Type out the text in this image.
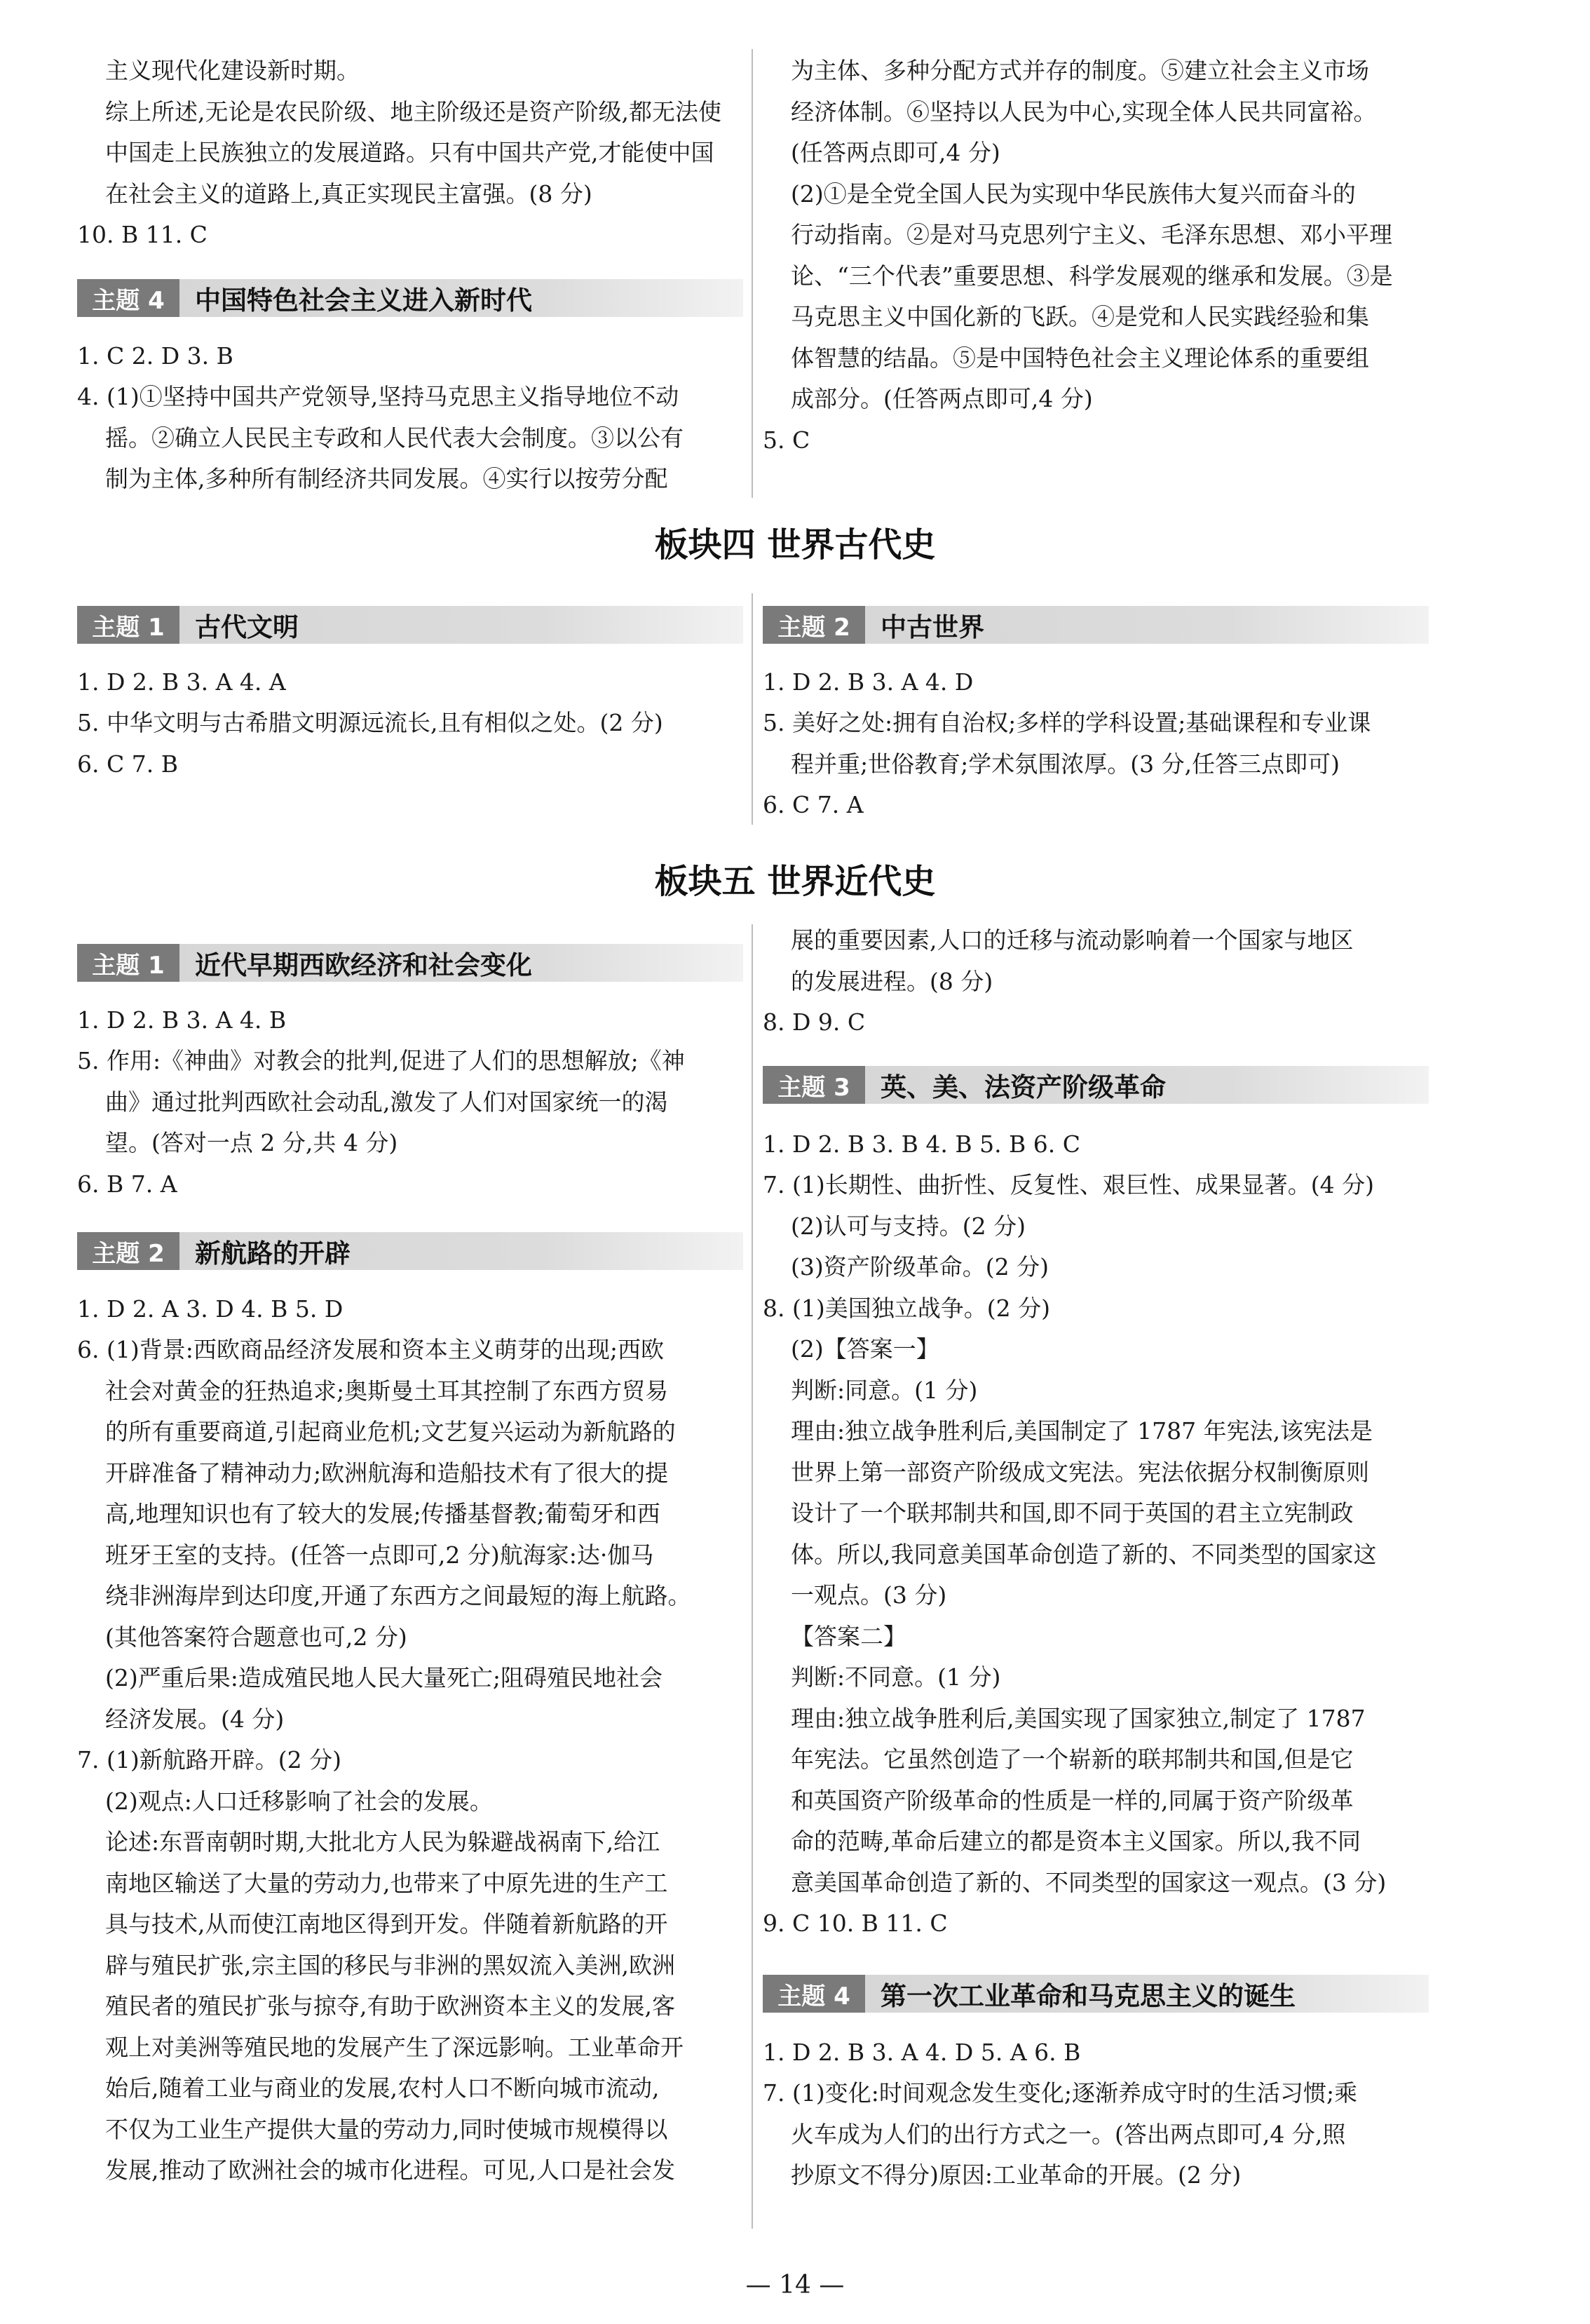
主义现代化建设新时期。
综上所述,无论是农民阶级、地主阶级还是资产阶级,都无法使
中国走上民族独立的发展道路。只有中国共产党,才能使中国
在社会主义的道路上,真正实现民主富强。(8 分)
10. B 11. C
主题 4	中国特色社会主义进入新时代
1. C 2. D 3. B
4. (1)①坚持中国共产党领导,坚持马克思主义指导地位不动
摇。②确立人民民主专政和人民代表大会制度。③以公有
制为主体,多种所有制经济共同发展。④实行以按劳分配
为主体、多种分配方式并存的制度。⑤建立社会主义市场
经济体制。⑥坚持以人民为中心,实现全体人民共同富裕。
(任答两点即可,4 分)
(2)①是全党全国人民为实现中华民族伟大复兴而奋斗的
行动指南。②是对马克思列宁主义、毛泽东思想、邓小平理
论、“三个代表”重要思想、科学发展观的继承和发展。③是
马克思主义中国化新的飞跃。④是党和人民实践经验和集
体智慧的结晶。⑤是中国特色社会主义理论体系的重要组
成部分。(任答两点即可,4 分)
5. C
板块四 世界古代史
主题 1	古代文明
1. D 2. B 3. A 4. A
5. 中华文明与古希腊文明源远流长,且有相似之处。(2 分)
6. C 7. B
主题 2	中古世界
1. D 2. B 3. A 4. D
5. 美好之处:拥有自治权;多样的学科设置;基础课程和专业课
程并重;世俗教育;学术氛围浓厚。(3 分,任答三点即可)
6. C 7. A
板块五 世界近代史
主题 1	近代早期西欧经济和社会变化
1. D 2. B 3. A 4. B
5. 作用:《神曲》对教会的批判,促进了人们的思想解放;《神
曲》通过批判西欧社会动乱,激发了人们对国家统一的渴
望。(答对一点 2 分,共 4 分)
6. B 7. A
主题 2	新航路的开辟
1. D 2. A 3. D 4. B 5. D
6. (1)背景:西欧商品经济发展和资本主义萌芽的出现;西欧
社会对黄金的狂热追求;奥斯曼土耳其控制了东西方贸易
的所有重要商道,引起商业危机;文艺复兴运动为新航路的
开辟准备了精神动力;欧洲航海和造船技术有了很大的提
高,地理知识也有了较大的发展;传播基督教;葡萄牙和西
班牙王室的支持。(任答一点即可,2 分)航海家:达·伽马
绕非洲海岸到达印度,开通了东西方之间最短的海上航路。
(其他答案符合题意也可,2 分)
(2)严重后果:造成殖民地人民大量死亡;阻碍殖民地社会
经济发展。(4 分)
7. (1)新航路开辟。(2 分)
(2)观点:人口迁移影响了社会的发展。
论述:东晋南朝时期,大批北方人民为躲避战祸南下,给江
南地区输送了大量的劳动力,也带来了中原先进的生产工
具与技术,从而使江南地区得到开发。伴随着新航路的开
辟与殖民扩张,宗主国的移民与非洲的黑奴流入美洲,欧洲
殖民者的殖民扩张与掠夺,有助于欧洲资本主义的发展,客
观上对美洲等殖民地的发展产生了深远影响。工业革命开
始后,随着工业与商业的发展,农村人口不断向城市流动,
不仅为工业生产提供大量的劳动力,同时使城市规模得以
发展,推动了欧洲社会的城市化进程。可见,人口是社会发
展的重要因素,人口的迁移与流动影响着一个国家与地区
的发展进程。(8 分)
8. D 9. C
主题 3	英、美、法资产阶级革命
1. D 2. B 3. B 4. B 5. B 6. C
7. (1)长期性、曲折性、反复性、艰巨性、成果显著。(4 分)
(2)认可与支持。(2 分)
(3)资产阶级革命。(2 分)
8. (1)美国独立战争。(2 分)
(2)【答案一】
判断:同意。(1 分)
理由:独立战争胜利后,美国制定了 1787 年宪法,该宪法是
世界上第一部资产阶级成文宪法。宪法依据分权制衡原则
设计了一个联邦制共和国,即不同于英国的君主立宪制政
体。所以,我同意美国革命创造了新的、不同类型的国家这
一观点。(3 分)
【答案二】
判断:不同意。(1 分)
理由:独立战争胜利后,美国实现了国家独立,制定了 1787
年宪法。它虽然创造了一个崭新的联邦制共和国,但是它
和英国资产阶级革命的性质是一样的,同属于资产阶级革
命的范畴,革命后建立的都是资本主义国家。所以,我不同
意美国革命创造了新的、不同类型的国家这一观点。(3 分)
9. C 10. B 11. C
主题 4	第一次工业革命和马克思主义的诞生
1. D 2. B 3. A 4. D 5. A 6. B
7. (1)变化:时间观念发生变化;逐渐养成守时的生活习惯;乘
火车成为人们的出行方式之一。(答出两点即可,4 分,照
抄原文不得分)原因:工业革命的开展。(2 分)
— 14 —
